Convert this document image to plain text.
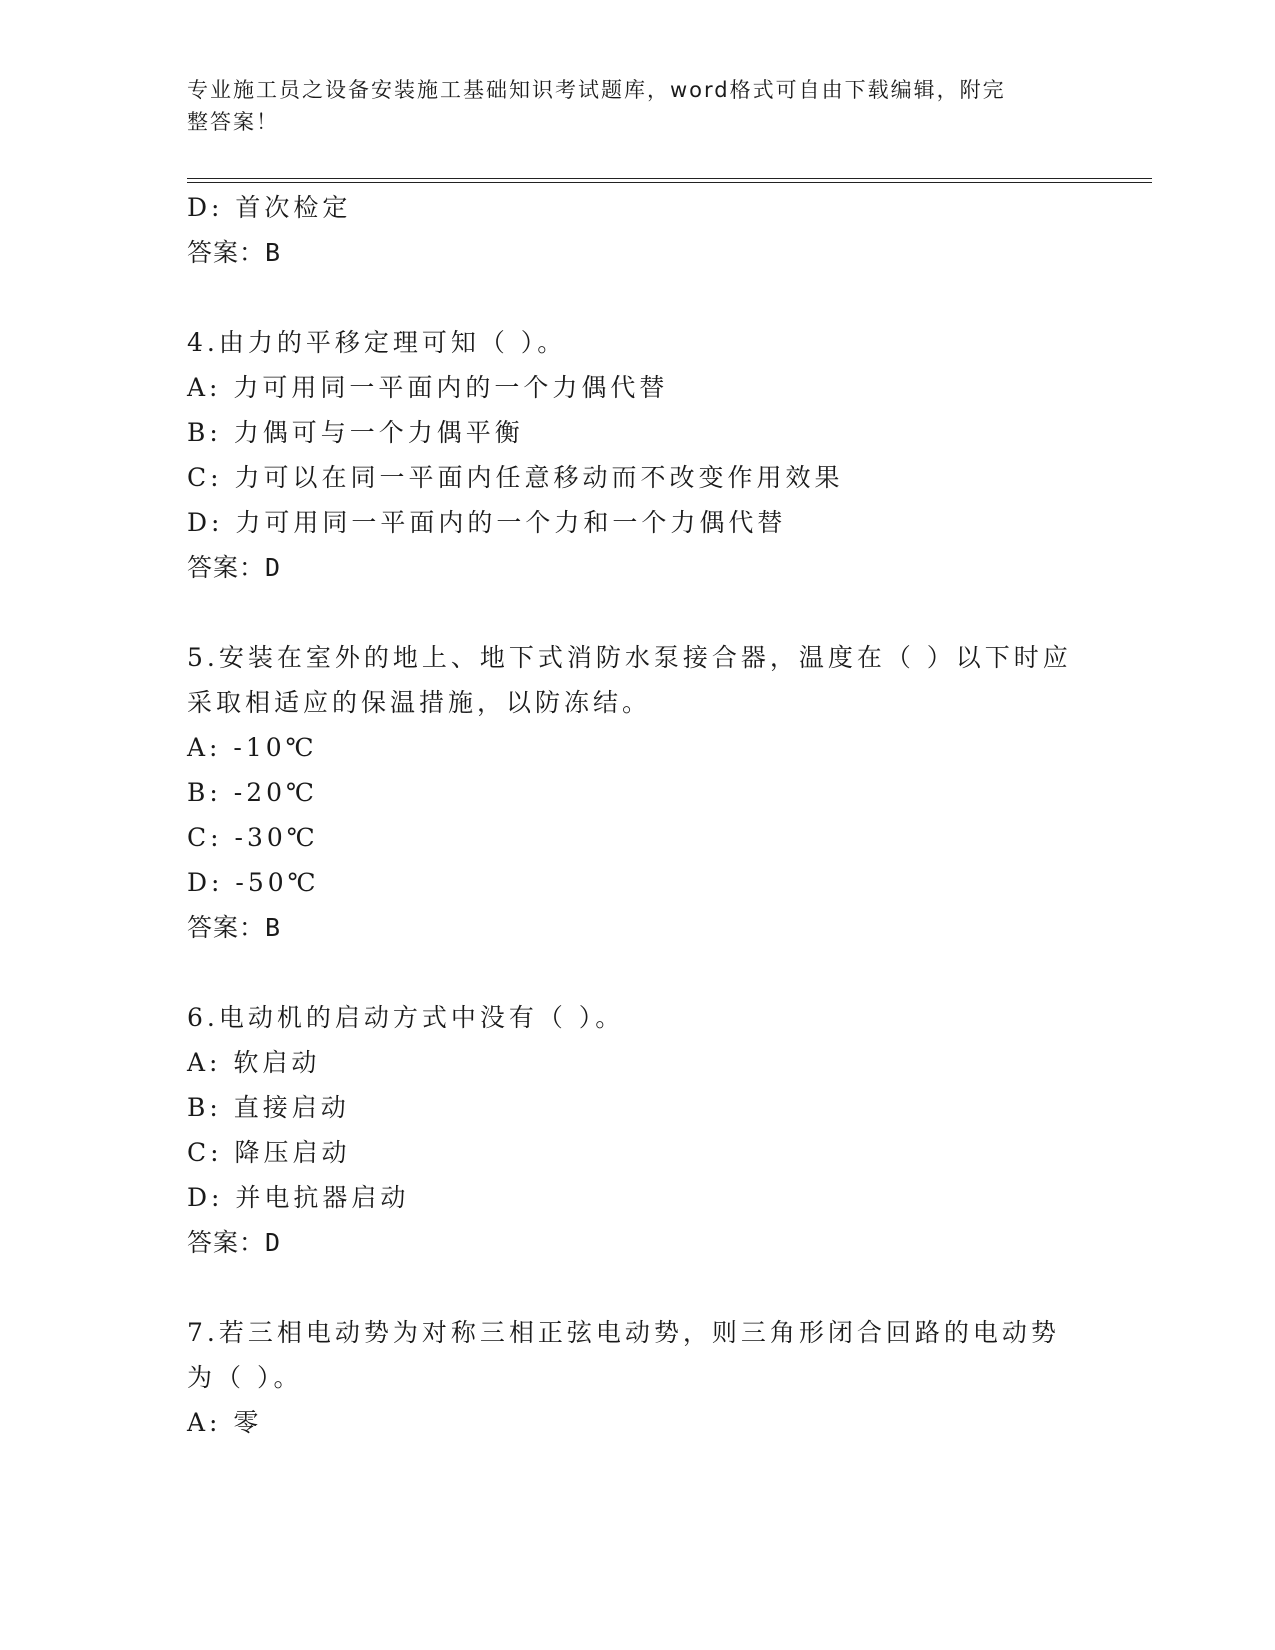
专业施工员之设备安装施工基础知识考试题库，word格式可自由下载编辑，附完
整答案！
D: 首次检定
答案：B
4.由力的平移定理可知（ ）。
A: 力可用同一平面内的一个力偶代替
B: 力偶可与一个力偶平衡
C: 力可以在同一平面内任意移动而不改变作用效果
D: 力可用同一平面内的一个力和一个力偶代替
答案：D
5.安装在室外的地上、地下式消防水泵接合器，温度在（ ）以下时应
采取相适应的保温措施，以防冻结。
A: -10℃
B: -20℃
C: -30℃
D: -50℃
答案：B
6.电动机的启动方式中没有（ ）。
A: 软启动
B: 直接启动
C: 降压启动
D: 并电抗器启动
答案：D
7.若三相电动势为对称三相正弦电动势，则三角形闭合回路的电动势
为（ ）。
A: 零
